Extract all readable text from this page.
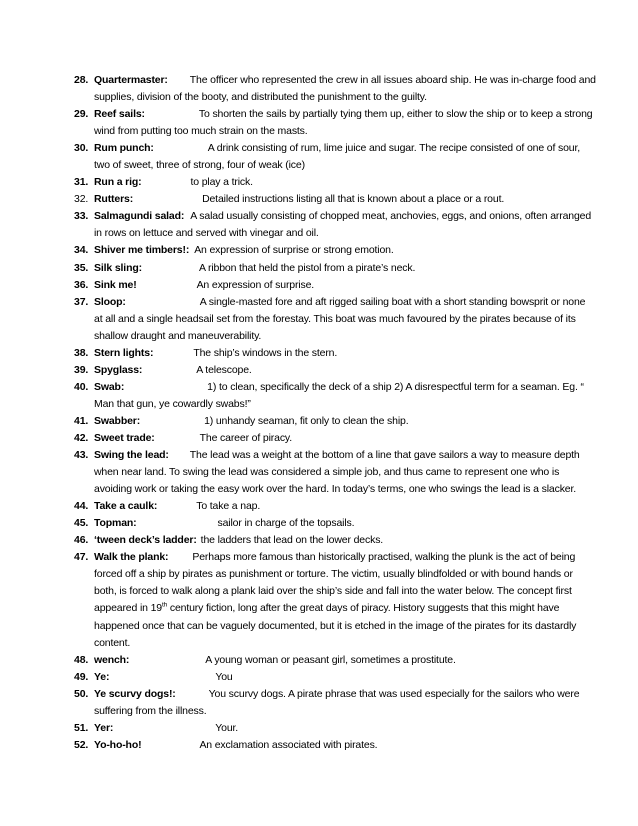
28. Quartermaster: The officer who represented the crew in all issues aboard ship. He was in-charge food and supplies, division of the booty, and distributed the punishment to the guilty.
29. Reef sails:	To shorten the sails by partially tying them up, either to slow the ship or to keep a strong wind from putting too much strain on the masts.
30. Rum punch:	A drink consisting of rum, lime juice and sugar. The recipe consisted of one of sour, two of sweet, three of strong, four of weak (ice)
31. Run a rig:	to play a trick.
32. Rutters:	Detailed instructions listing all that is known about a place or a rout.
33. Salmagundi salad: A salad usually consisting of chopped meat, anchovies, eggs, and onions, often arranged in rows on lettuce and served with vinegar and oil.
34. Shiver me timbers!: An expression of surprise or strong emotion.
35. Silk sling:	A ribbon that held the pistol from a pirate’s neck.
36. Sink me!	An expression of surprise.
37. Sloop:	A single-masted fore and aft rigged sailing boat with a short standing bowsprit or none at all and a single headsail set from the forestay. This boat was much favoured by the pirates because of its shallow draught and maneuverability.
38. Stern lights:	The ship’s windows in the stern.
39. Spyglass:	A telescope.
40. Swab:	1) to clean, specifically the deck of a ship 2) A disrespectful term for a seaman. Eg. “ Man that gun, ye cowardly swabs!”
41. Swabber:	1) unhandy seaman, fit only to clean the ship.
42. Sweet trade:	The career of piracy.
43. Swing the lead: The lead was a weight at the bottom of a line that gave sailors a way to measure depth when near land. To swing the lead was considered a simple job, and thus came to represent one who is avoiding work or taking the easy work over the hard. In today’s terms, one who swings the lead is a slacker.
44. Take a caulk:	To take a nap.
45. Topman:	sailor in charge of the topsails.
46. ‘tween deck’s ladder: the ladders that lead on the lower decks.
47. Walk the plank: Perhaps more famous than historically practised, walking the plunk is the act of being forced off a ship by pirates as punishment or torture. The victim, usually blindfolded or with bound hands or both, is forced to walk along a plank laid over the ship’s side and fall into the water below. The concept first appeared in 19th century fiction, long after the great days of piracy. History suggests that this might have happened once that can be vaguely documented, but it is etched in the image of the pirates for its dastardly content.
48. wench:	A young woman or peasant girl, sometimes a prostitute.
49. Ye:	You
50. Ye scurvy dogs!:	You scurvy dogs. A pirate phrase that was used especially for the sailors who were suffering from the illness.
51. Yer:	Your.
52. Yo-ho-ho!	An exclamation associated with pirates.
